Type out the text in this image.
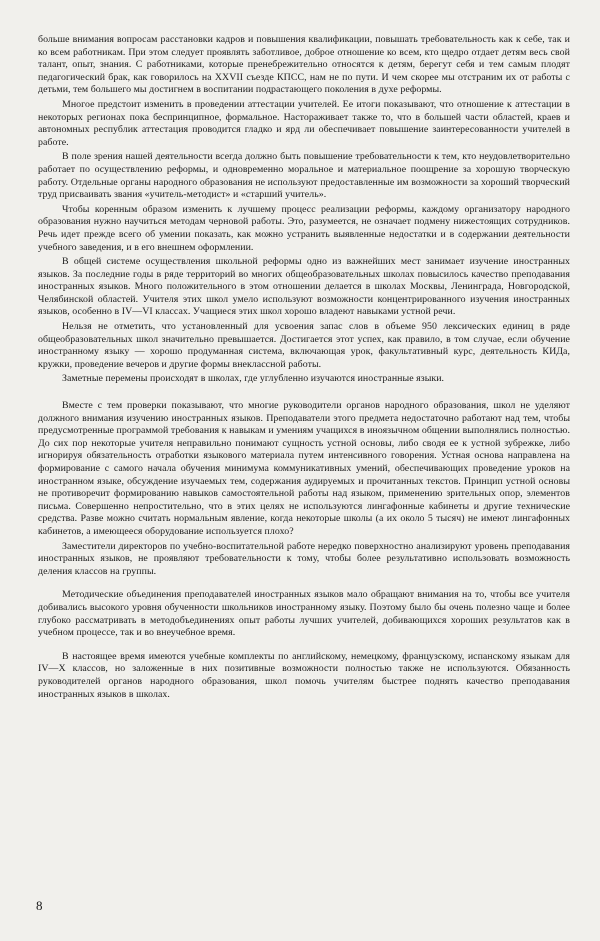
больше внимания вопросам расстановки кадров и повышения квалификации, повышать требовательность как к себе, так и ко всем работникам. При этом следует проявлять заботливое, доброе отношение ко всем, кто щедро отдает детям весь свой талант, опыт, знания. С работниками, которые пренебрежительно относятся к детям, берегут себя и тем самым плодят педагогический брак, как говорилось на XXVII съезде КПСС, нам не по пути. И чем скорее мы отстраним их от работы с детьми, тем большего мы достигнем в воспитании подрастающего поколения в духе реформы.

Многое предстоит изменить в проведении аттестации учителей. Ее итоги показывают, что отношение к аттестации в некоторых регионах пока беспринципное, формальное. Настораживает также то, что в большей части областей, краев и автономных республик аттестация проводится гладко и ярд ли обеспечивает повышение заинтересованности учителей в работе.

В поле зрения нашей деятельности всегда должно быть повышение требовательности к тем, кто неудовлетворительно работает по осуществлению реформы, и одновременно моральное и материальное поощрение за хорошую творческую работу. Отдельные органы народного образования не используют предоставленные им возможности за хороший творческий труд присваивать звания «учитель-методист» и «старший учитель».

Чтобы коренным образом изменить к лучшему процесс реализации реформы, каждому организатору народного образования нужно научиться методам черновой работы. Это, разумеется, не означает подмену нижестоящих сотрудников. Речь идет прежде всего об умении показать, как можно устранить выявленные недостатки и в содержании деятельности учебного заведения, и в его внешнем оформлении.

В общей системе осуществления школьной реформы одно из важнейших мест занимает изучение иностранных языков. За последние годы в ряде территорий во многих общеобразовательных школах повысилось качество преподавания иностранных языков. Много положительного в этом отношении делается в школах Москвы, Ленинграда, Новгородской, Челябинской областей. Учителя этих школ умело используют возможности концентрированного изучения иностранных языков, особенно в IV—VI классах. Учащиеся этих школ хорошо владеют навыками устной речи.

Нельзя не отметить, что установленный для усвоения запас слов в объеме 950 лексических единиц в ряде общеобразовательных школ значительно превышается. Достигается этот успех, как правило, в том случае, если обучение иностранному языку — хорошо продуманная система, включающая урок, факультативный курс, деятельность КИДа, кружки, проведение вечеров и другие формы внеклассной работы.

Заметные перемены происходят в школах, где углубленно изучаются иностранные языки.

Вместе с тем проверки показывают, что многие руководители органов народного образования, школ не уделяют должного внимания изучению иностранных языков. Преподаватели этого предмета недостаточно работают над тем, чтобы предусмотренные программой требования к навыкам и умениям учащихся в иноязычном общении выполнялись полностью. До сих пор некоторые учителя неправильно понимают сущность устной основы, либо сводя ее к устной зубрежке, либо игнорируя обязательность отработки языкового материала путем интенсивного говорения. Устная основа направлена на формирование с самого начала обучения минимума коммуникативных умений, обеспечивающих проведение уроков на иностранном языке, обсуждение изучаемых тем, содержания аудируемых и прочитанных текстов. Принцип устной основы не противоречит формированию навыков самостоятельной работы над языком, применению зрительных опор, элементов письма. Совершенно непростительно, что в этих целях не используются лингафонные кабинеты и другие технические средства. Разве можно считать нормальным явление, когда некоторые школы (а их около 5 тысяч) не имеют лингафонных кабинетов, а имеющееся оборудование используется плохо?

Заместители директоров по учебно-воспитательной работе нередко поверхностно анализируют уровень преподавания иностранных языков, не проявляют требовательности к тому, чтобы более результативно использовать возможность деления классов на группы.

Методические объединения преподавателей иностранных языков мало обращают внимания на то, чтобы все учителя добивались высокого уровня обученности школьников иностранному языку. Поэтому было бы очень полезно чаще и более глубоко рассматривать в методобъединениях опыт работы лучших учителей, добивающихся хороших результатов как в учебном процессе, так и во внеучебное время.

В настоящее время имеются учебные комплекты по английскому, немецкому, французскому, испанскому языкам для IV—X классов, но заложенные в них позитивные возможности полностью также не используются. Обязанность руководителей органов народного образования, школ помочь учителям быстрее поднять качество преподавания иностранных языков в школах.

8
